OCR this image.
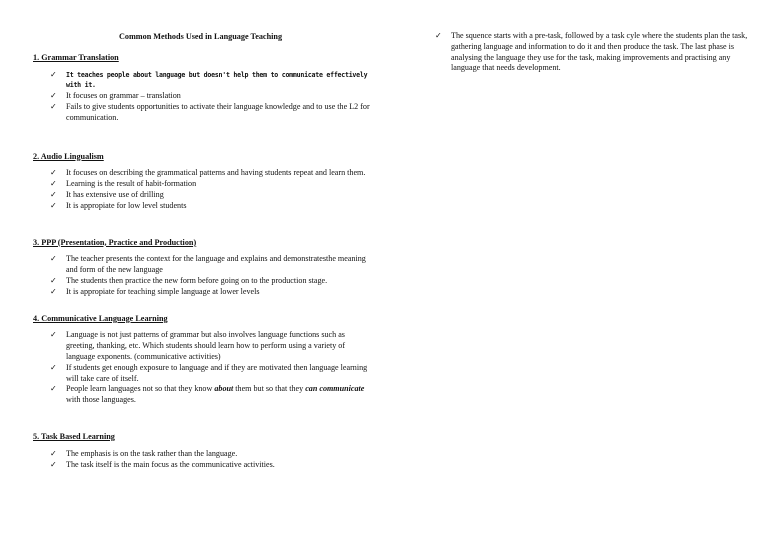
Common Methods Used in Language Teaching
1. Grammar Translation
✓ It teaches people about language but doesn't help them to communicate effectively with it.
✓ It focuses on grammar – translation
✓ Fails to give students opportunities to activate their language knowledge and to use the L2 for communication.
2. Audio Lingualism
✓ It focuses on describing the grammatical patterns and having students repeat and learn them.
✓ Learning is the result of habit-formation
✓ It has extensive use of drilling
✓ It is appropiate for low level students
3. PPP (Presentation, Practice and Production)
✓ The teacher presents the context for the language and explains and demonstratesthe meaning and form of the new language
✓ The students then practice the new form before going on to the production stage.
✓ It is appropiate for teaching simple language at lower levels
4. Communicative Language Learning
✓ Language is not just patterns of grammar but also involves language functions such as greeting, thanking, etc. Which students should learn how to perform using a variety of language exponents. (communicative activities)
✓ If students get enough exposure to language and if they are motivated then language learning will take care of itself.
✓ People learn languages not so that they know about them but so that they can communicate with those languages.
5. Task Based Learning
✓ The emphasis is on the task rather than the language.
✓ The task itself is the main focus as the communicative activities.
✓ The squence starts with a pre-task, followed by a task cyle where the students plan the task, gathering language and information to do it and then produce the task. The last phase is analysing the language they use for the task, making improvements and practising any language that needs development.
